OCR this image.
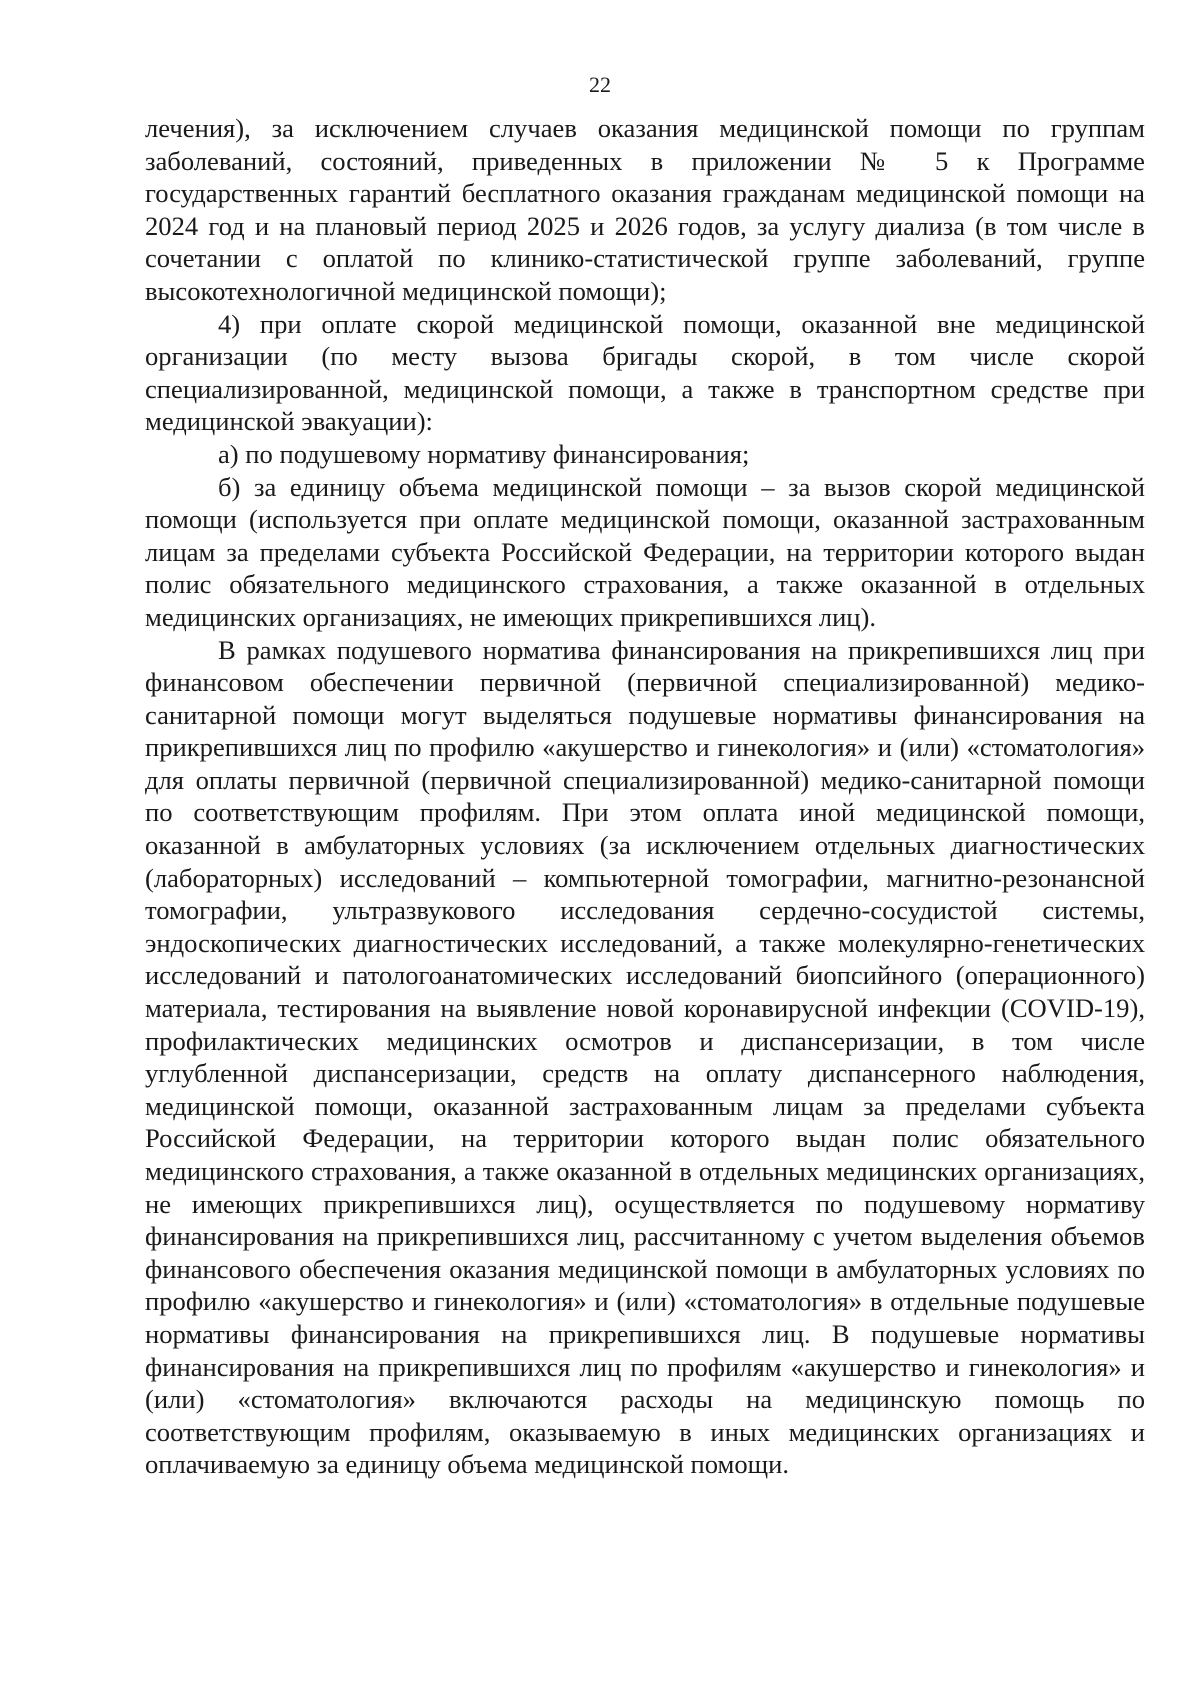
22

лечения), за исключением случаев оказания медицинской помощи по группам заболеваний, состояний, приведенных в приложении № 5 к Программе государственных гарантий бесплатного оказания гражданам медицинской помощи на 2024 год и на плановый период 2025 и 2026 годов, за услугу диализа (в том числе в сочетании с оплатой по клинико-статистической группе заболеваний, группе высокотехнологичной медицинской помощи);

4) при оплате скорой медицинской помощи, оказанной вне медицинской организации (по месту вызова бригады скорой, в том числе скорой специализированной, медицинской помощи, а также в транспортном средстве при медицинской эвакуации):

а) по подушевому нормативу финансирования;

б) за единицу объема медицинской помощи – за вызов скорой медицинской помощи (используется при оплате медицинской помощи, оказанной застрахованным лицам за пределами субъекта Российской Федерации, на территории которого выдан полис обязательного медицинского страхования, а также оказанной в отдельных медицинских организациях, не имеющих прикрепившихся лиц).

В рамках подушевого норматива финансирования на прикрепившихся лиц при финансовом обеспечении первичной (первичной специализированной) медико-санитарной помощи могут выделяться подушевые нормативы финансирования на прикрепившихся лиц по профилю «акушерство и гинекология» и (или) «стоматология» для оплаты первичной (первичной специализированной) медико-санитарной помощи по соответствующим профилям. При этом оплата иной медицинской помощи, оказанной в амбулаторных условиях (за исключением отдельных диагностических (лабораторных) исследований – компьютерной томографии, магнитно-резонансной томографии, ультразвукового исследования сердечно-сосудистой системы, эндоскопических диагностических исследований, а также молекулярно-генетических исследований и патологоанатомических исследований биопсийного (операционного) материала, тестирования на выявление новой коронавирусной инфекции (COVID-19), профилактических медицинских осмотров и диспансеризации, в том числе углубленной диспансеризации, средств на оплату диспансерного наблюдения, медицинской помощи, оказанной застрахованным лицам за пределами субъекта Российской Федерации, на территории которого выдан полис обязательного медицинского страхования, а также оказанной в отдельных медицинских организациях, не имеющих прикрепившихся лиц), осуществляется по подушевому нормативу финансирования на прикрепившихся лиц, рассчитанному с учетом выделения объемов финансового обеспечения оказания медицинской помощи в амбулаторных условиях по профилю «акушерство и гинекология» и (или) «стоматология» в отдельные подушевые нормативы финансирования на прикрепившихся лиц. В подушевые нормативы финансирования на прикрепившихся лиц по профилям «акушерство и гинекология» и (или) «стоматология» включаются расходы на медицинскую помощь по соответствующим профилям, оказываемую в иных медицинских организациях и оплачиваемую за единицу объема медицинской помощи.
